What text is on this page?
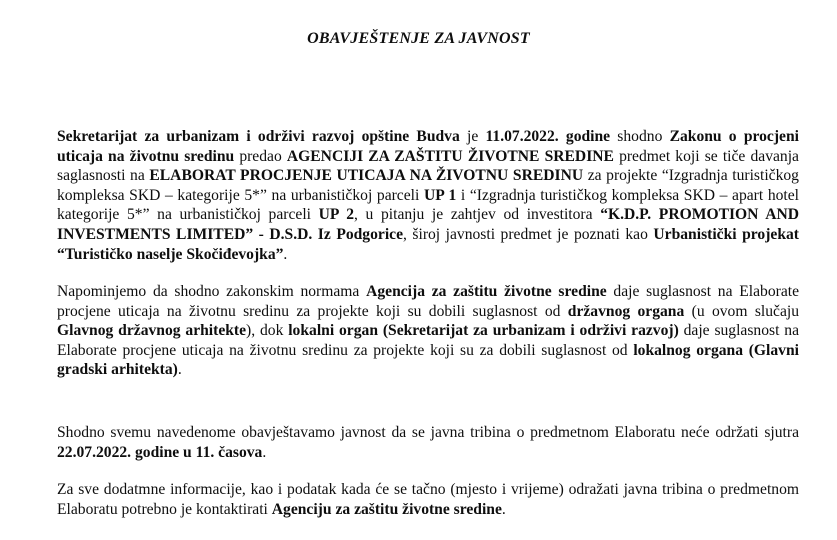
OBAVJEŠTENJE ZA JAVNOST

Sekretarijat za urbanizam i održivi razvoj opštine Budva je 11.07.2022. godine shodno Zakonu o procjeni uticaja na životnu sredinu predao AGENCIJI ZA ZAŠTITU ŽIVOTNE SREDINE predmet koji se tiče davanja saglasnosti na ELABORAT PROCJENJE UTICAJA NA ŽIVOTNU SREDINU za projekte “Izgradnja turističkog kompleksa SKD – kategorije 5*” na urbanističkoj parceli UP 1 i “Izgradnja turističkog kompleksa SKD – apart hotel kategorije 5*” na urbanističkoj parceli UP 2, u pitanju je zahtjev od investitora “K.D.P. PROMOTION AND INVESTMENTS LIMITED” - D.S.D. Iz Podgorice, široj javnosti predmet je poznati kao Urbanistički projekat “Turističko naselje Skočiđevojka”.

Napominjemo da shodno zakonskim normama Agencija za zaštitu životne sredine daje suglasnost na Elaborate procjene uticaja na životnu sredinu za projekte koji su dobili suglasnost od državnog organa (u ovom slučaju Glavnog državnog arhitekte), dok lokalni organ (Sekretarijat za urbanizam i održivi razvoj) daje suglasnost na Elaborate procjene uticaja na životnu sredinu za projekte koji su za dobili suglasnost od lokalnog organa (Glavni gradski arhitekta).

Shodno svemu navedenome obavještavamo javnost da se javna tribina o predmetnom Elaboratu neće održati sjutra 22.07.2022. godine u 11. časova.

Za sve dodatmne informacije, kao i podatak kada će se tačno (mjesto i vrijeme) odražati javna tribina o predmetnom Elaboratu potrebno je kontaktirati Agenciju za zaštitu životne sredine.
